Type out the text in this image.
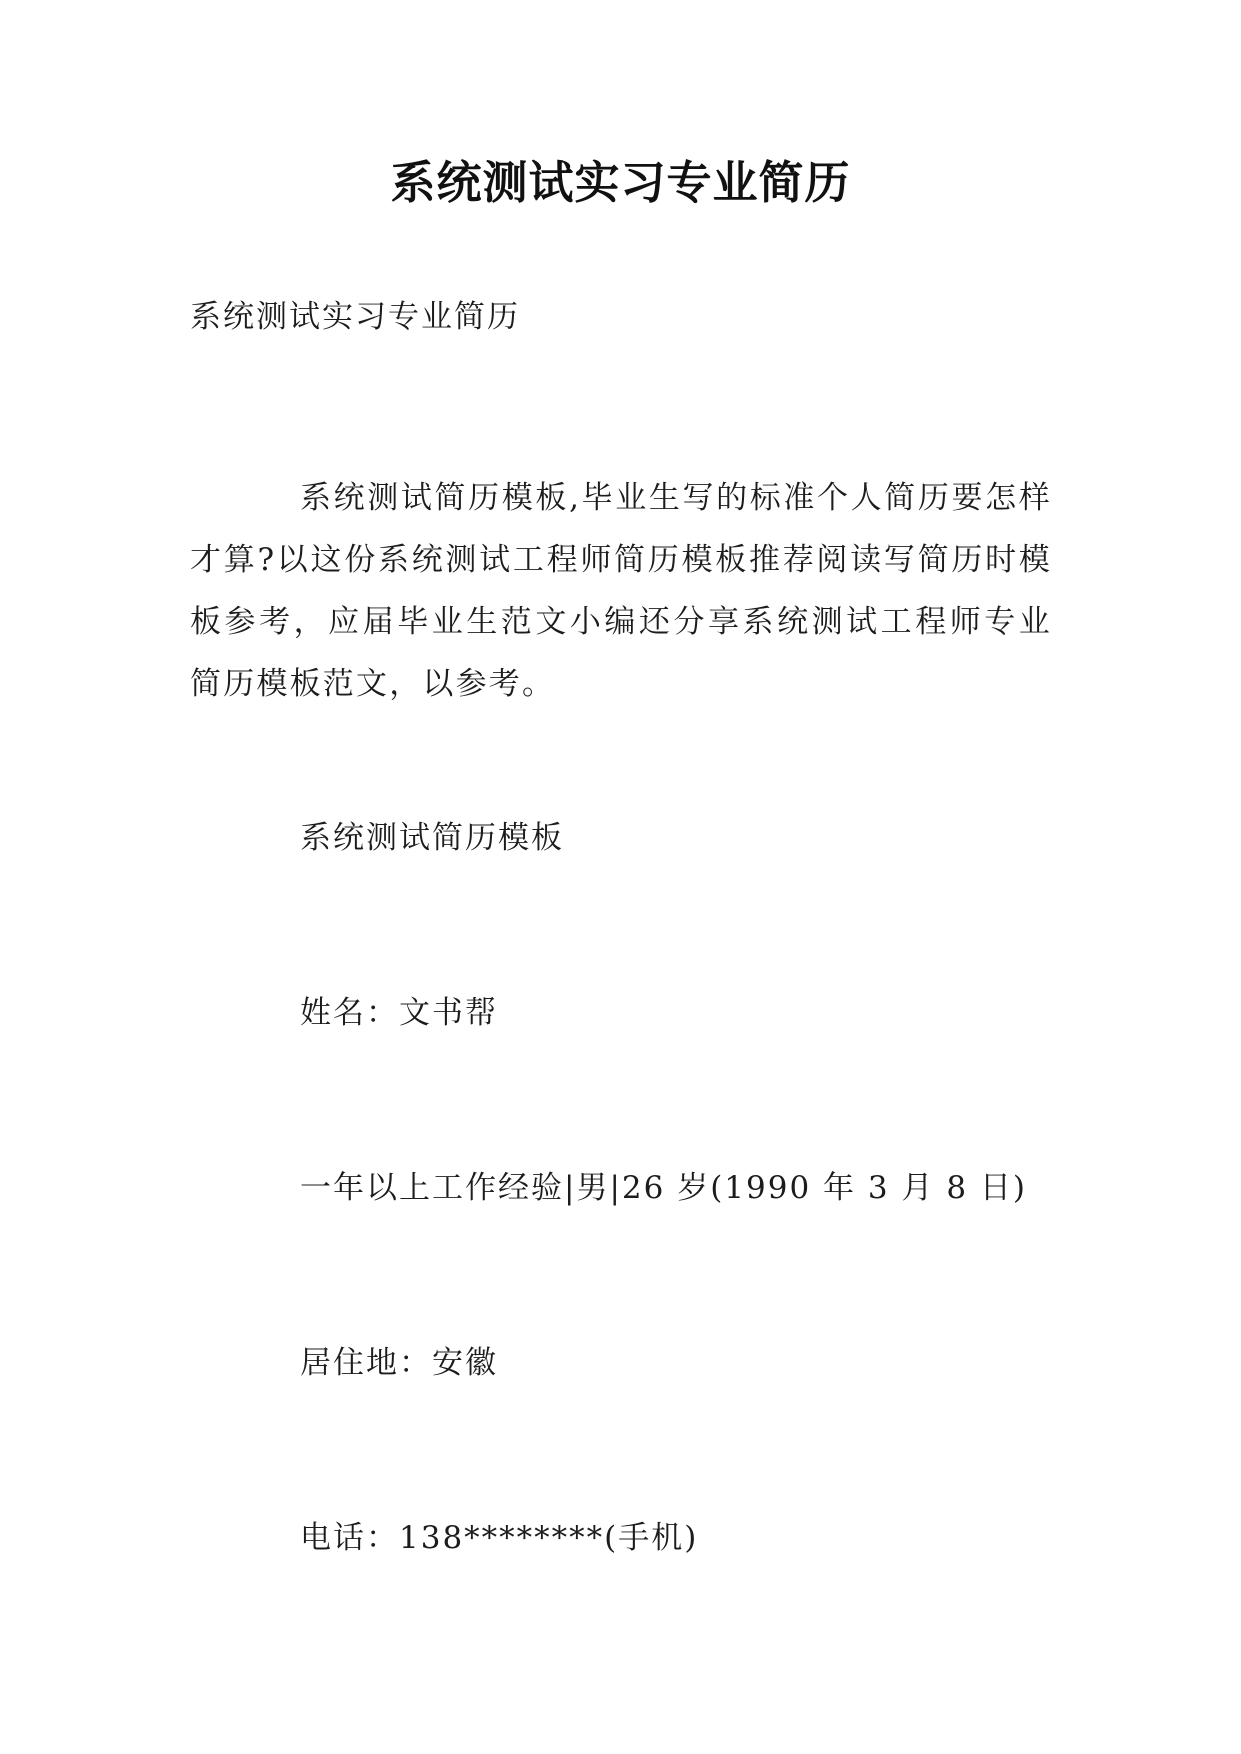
系统测试实习专业简历
系统测试实习专业简历
系统测试简历模板,毕业生写的标准个人简历要怎样才算?以这份系统测试工程师简历模板推荐阅读写简历时模板参考，应届毕业生范文小编还分享系统测试工程师专业简历模板范文，以参考。
系统测试简历模板
姓名：文书帮
一年以上工作经验|男|26 岁(1990 年 3 月 8 日)
居住地：安徽
电话：138********(手机)
